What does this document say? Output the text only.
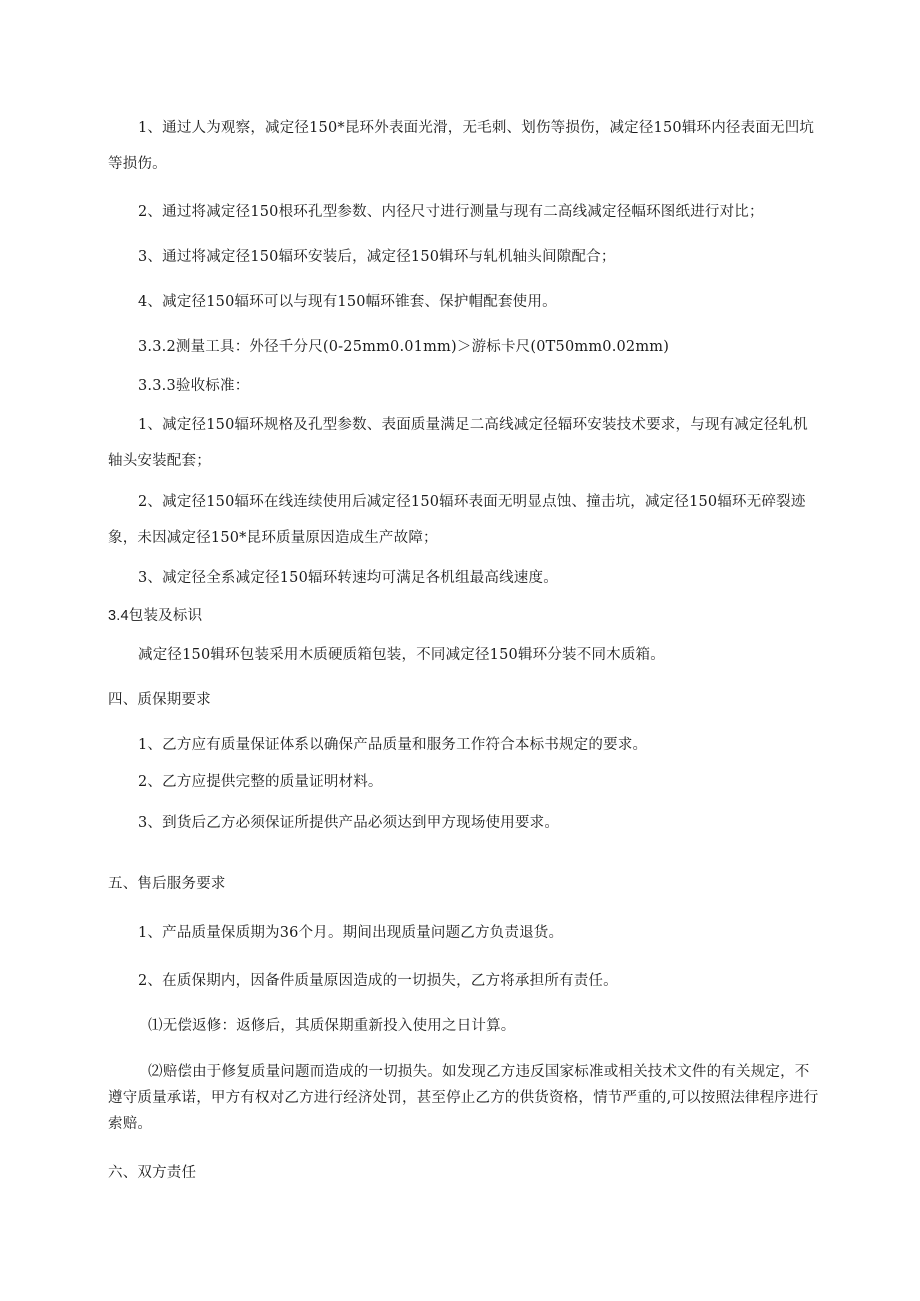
1、通过人为观察，减定径150*昆环外表面光滑，无毛刺、划伤等损伤，减定径150辑环内径表面无凹坑等损伤。

2、通过将减定径150根环孔型参数、内径尺寸进行测量与现有二高线减定径幅环图纸进行对比；

3、通过将减定径150辐环安装后，减定径150辑环与轧机轴头间隙配合；

4、减定径150辐环可以与现有150幅环锥套、保护帽配套使用。

3.3.2测量工具：外径千分尺(0-25mm0.01mm)＞游标卡尺(0T50mm0.02mm)

3.3.3验收标准：

1、减定径150辐环规格及孔型参数、表面质量满足二高线减定径辐环安装技术要求，与现有减定径轧机轴头安装配套；

2、减定径150辐环在线连续使用后减定径150辐环表面无明显点蚀、撞击坑，减定径150辐环无碎裂迹象，未因减定径150*昆环质量原因造成生产故障；

3、减定径全系减定径150辐环转速均可满足各机组最高线速度。

3.4包装及标识

减定径150辑环包装采用木质硬质箱包装，不同减定径150辑环分装不同木质箱。

四、质保期要求

1、乙方应有质量保证体系以确保产品质量和服务工作符合本标书规定的要求。

2、乙方应提供完整的质量证明材料。

3、到货后乙方必须保证所提供产品必须达到甲方现场使用要求。

五、售后服务要求

1、产品质量保质期为36个月。期间出现质量问题乙方负责退货。

2、在质保期内，因备件质量原因造成的一切损失，乙方将承担所有责任。

⑴无偿返修：返修后，其质保期重新投入使用之日计算。

⑵赔偿由于修复质量问题而造成的一切损失。如发现乙方违反国家标准或相关技术文件的有关规定，不遵守质量承诺，甲方有权对乙方进行经济处罚，甚至停止乙方的供货资格，情节严重的,可以按照法律程序进行索赔。

六、双方责任
